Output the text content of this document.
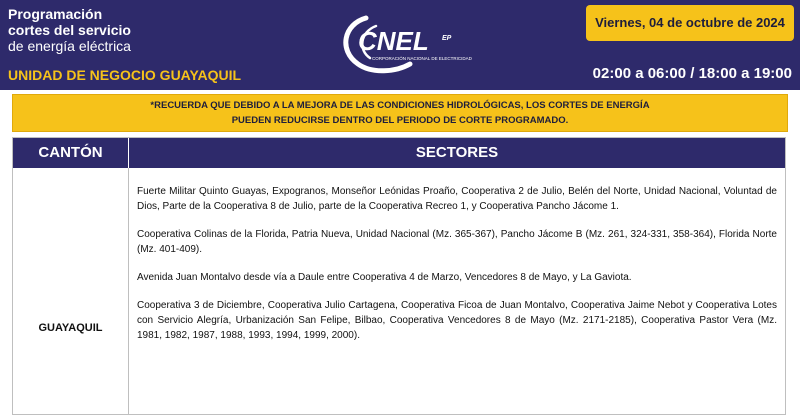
Programación
cortes del servicio
de energía eléctrica
UNIDAD DE NEGOCIO GUAYAQUIL
CNEL EP
CORPORACIÓN NACIONAL DE ELECTRICIDAD
Viernes, 04 de octubre de 2024
02:00 a 06:00 / 18:00 a 19:00
*RECUERDA QUE DEBIDO A LA MEJORA DE LAS CONDICIONES HIDROLÓGICAS, LOS CORTES DE ENERGÍA
PUEDEN REDUCIRSE DENTRO DEL PERIODO DE CORTE PROGRAMADO.
CANTÓN	SECTORES
GUAYAQUIL

Fuerte Militar Quinto Guayas, Expogranos, Monseñor Leónidas Proaño, Cooperativa 2 de Julio, Belén del Norte, Unidad Nacional, Voluntad de Dios, Parte de la Cooperativa 8 de Julio, parte de la Cooperativa Recreo 1, y Cooperativa Pancho Jácome 1.

Cooperativa Colinas de la Florida, Patria Nueva, Unidad Nacional (Mz. 365-367), Pancho Jácome B (Mz. 261, 324-331, 358-364), Florida Norte (Mz. 401-409).

Avenida Juan Montalvo desde vía a Daule entre Cooperativa 4 de Marzo, Vencedores 8 de Mayo, y La Gaviota.

Cooperativa 3 de Diciembre, Cooperativa Julio Cartagena, Cooperativa Ficoa de Juan Montalvo, Cooperativa Jaime Nebot y Cooperativa Lotes con Servicio Alegría, Urbanización San Felipe, Bilbao, Cooperativa Vencedores 8 de Mayo (Mz. 2171-2185), Cooperativa Pastor Vera (Mz. 1981, 1982, 1987, 1988, 1993, 1994, 1999, 2000).
